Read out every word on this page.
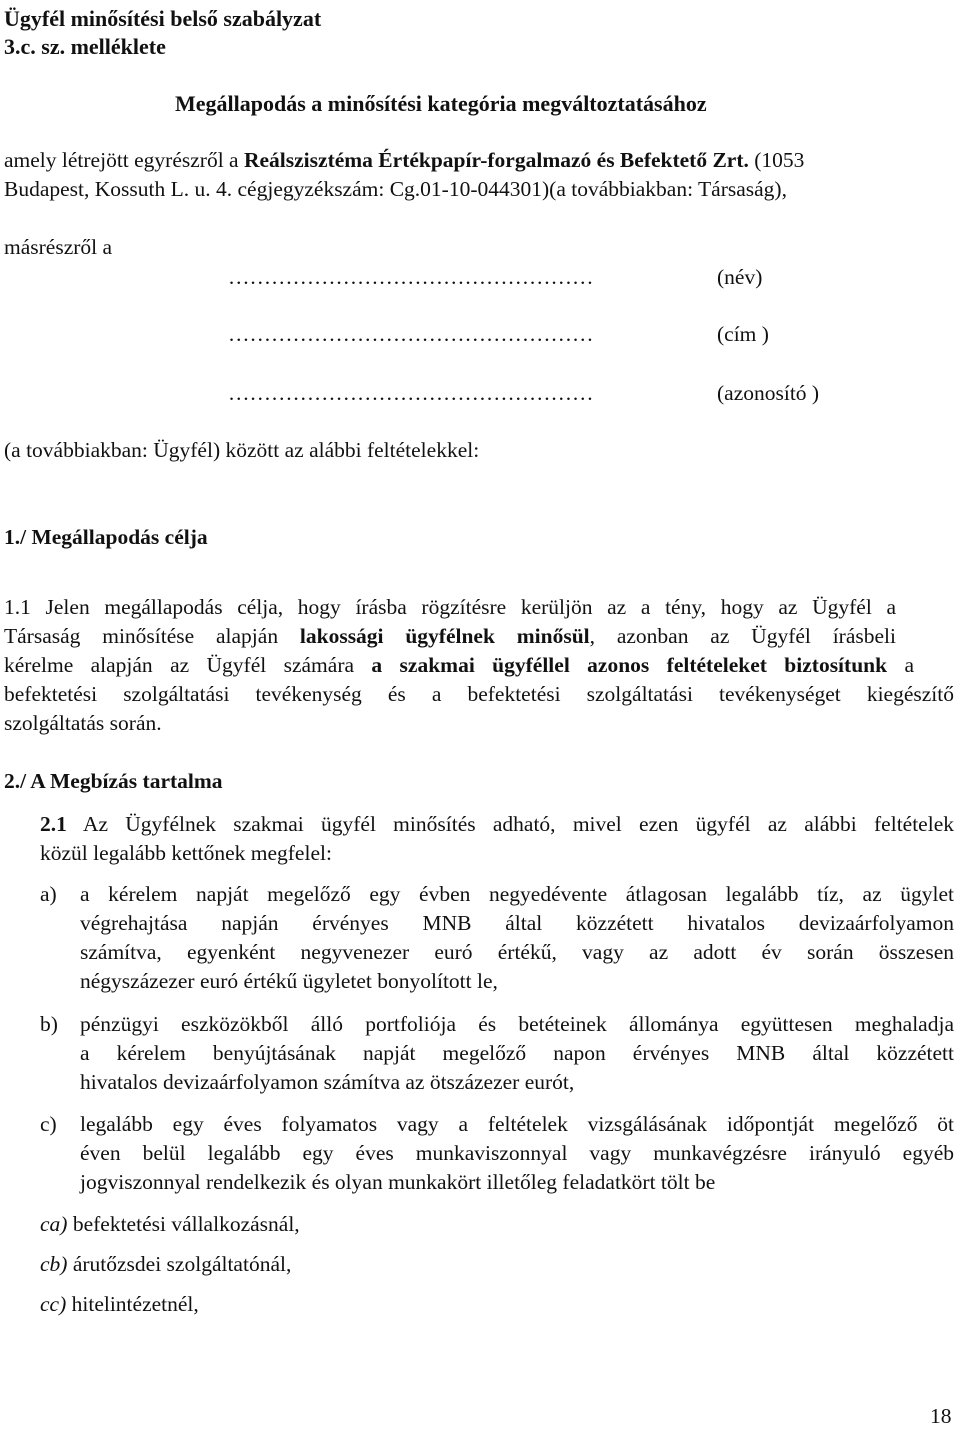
Ügyfél minősítési belső szabályzat
3.c. sz. melléklete
Megállapodás a minősítési kategória megváltoztatásához
amely létrejött egyrészről a Reálszisztéma Értékpapír-forgalmazó és Befektető Zrt. (1053
Budapest, Kossuth L. u. 4. cégjegyzékszám: Cg.01-10-044301)(a továbbiakban: Társaság),
másrészről a
……………………………………………	(név)
……………………………………………	(cím )
……………………………………………	(azonosító )
(a továbbiakban: Ügyfél) között az alábbi feltételekkel:
1./ Megállapodás célja
1.1 Jelen megállapodás célja, hogy írásba rögzítésre kerüljön az a tény, hogy az Ügyfél a
Társaság minősítése alapján lakossági ügyfélnek minősül, azonban az Ügyfél írásbeli
kérelme alapján az Ügyfél számára a szakmai ügyféllel azonos feltételeket biztosítunk a
befektetési szolgáltatási tevékenység és a befektetési szolgáltatási tevékenységet kiegészítő
szolgáltatás során.
2./ A Megbízás tartalma
2.1 Az Ügyfélnek szakmai ügyfél minősítés adható, mivel ezen ügyfél az alábbi feltételek
közül legalább kettőnek megfelel:
a) a kérelem napját megelőző egy évben negyedévente átlagosan legalább tíz, az ügylet
végrehajtása napján érvényes MNB által közzétett hivatalos devizaárfolyamon
számítva, egyenként negyvenezer euró értékű, vagy az adott év során összesen
négyszázezer euró értékű ügyletet bonyolított le,
b) pénzügyi eszközökből álló portfoliója és betéteinek állománya együttesen meghaladja
a kérelem benyújtásának napját megelőző napon érvényes MNB által közzétett
hivatalos devizaárfolyamon számítva az ötszázezer eurót,
c) legalább egy éves folyamatos vagy a feltételek vizsgálásának időpontját megelőző öt
éven belül legalább egy éves munkaviszonnyal vagy munkavégzésre irányuló egyéb
jogviszonnyal rendelkezik és olyan munkakört illetőleg feladatkört tölt be
ca) befektetési vállalkozásnál,
cb) árutőzsdei szolgáltatónál,
cc) hitelintézetnél,
18
